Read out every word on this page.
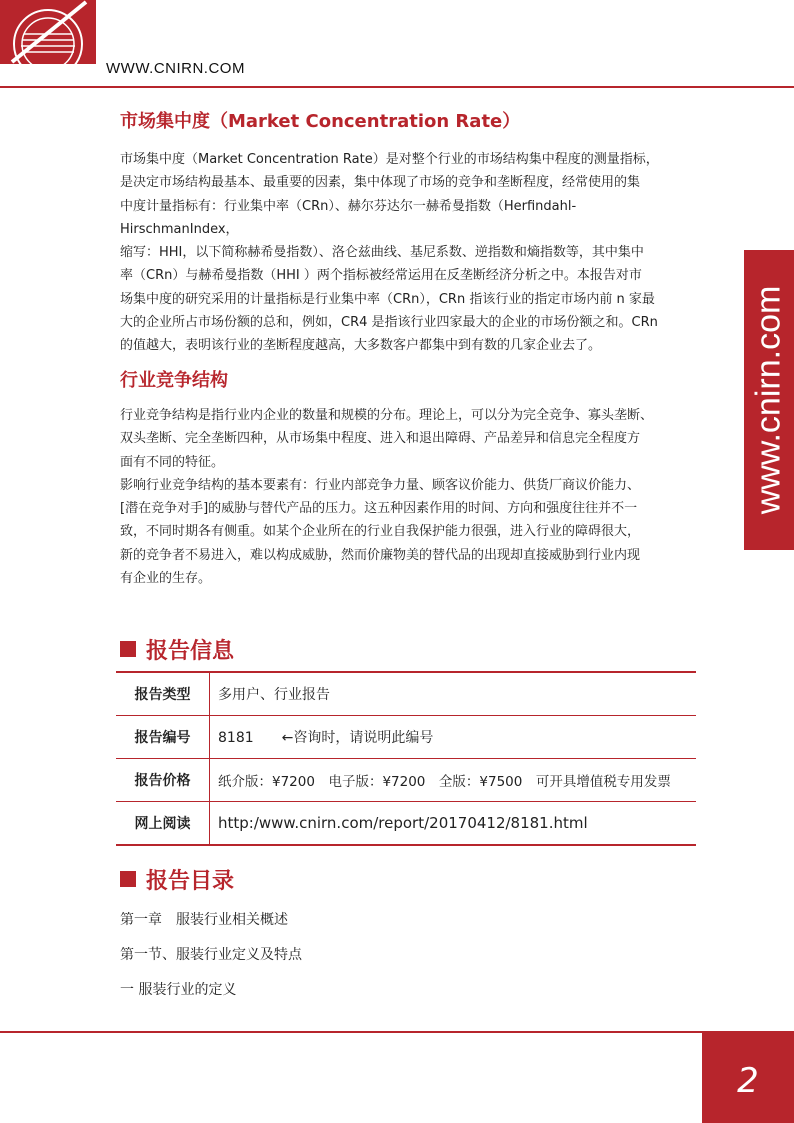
WWW.CNIRN.COM
www.cnirn.com
市场集中度（Market Concentration Rate）

市场集中度（Market Concentration Rate）是对整个行业的市场结构集中程度的测量指标，

是决定市场结构最基本、最重要的因素，集中体现了市场的竞争和垄断程度，经常使用的集

中度计量指标有：行业集中率（CRn）、赫尔芬达尔一赫希曼指数（Herfindahl-HirschmanIndex，

缩写：HHI，以下简称赫希曼指数）、洛仑兹曲线、基尼系数、逆指数和熵指数等，其中集中

率（CRn）与赫希曼指数（HHI ）两个指标被经常运用在反垄断经济分析之中。本报告对市

场集中度的研究采用的计量指标是行业集中率（CRn），CRn 指该行业的指定市场内前 n 家最

大的企业所占市场份额的总和，例如，CR4 是指该行业四家最大的企业的市场份额之和。CRn

的值越大，表明该行业的垄断程度越高，大多数客户都集中到有数的几家企业去了。

行业竞争结构

行业竞争结构是指行业内企业的数量和规模的分布。理论上，可以分为完全竞争、寡头垄断、

双头垄断、完全垄断四种，从市场集中程度、进入和退出障碍、产品差异和信息完全程度方

面有不同的特征。

影响行业竞争结构的基本要素有：行业内部竞争力量、顾客议价能力、供货厂商议价能力、

[潜在竞争对手]的威胁与替代产品的压力。这五种因素作用的时间、方向和强度往往并不一

致，不同时期各有侧重。如某个企业所在的行业自我保护能力很强，进入行业的障碍很大，

新的竞争者不易进入，难以构成威胁，然而价廉物美的替代品的出现却直接威胁到行业内现

有企业的生存。

报告信息
报告目录
报告类型	多用户、行业报告
报告编号	8181　　←咨询时，请说明此编号
报告价格	纸介版：¥7200　电子版：¥7200　全版：¥7500　可开具增值税专用发票
网上阅读	http:/www.cnirn.com/report/20170412/8181.html
第一章　服装行业相关概述
第一节、服装行业定义及特点
一 服装行业的定义
2
